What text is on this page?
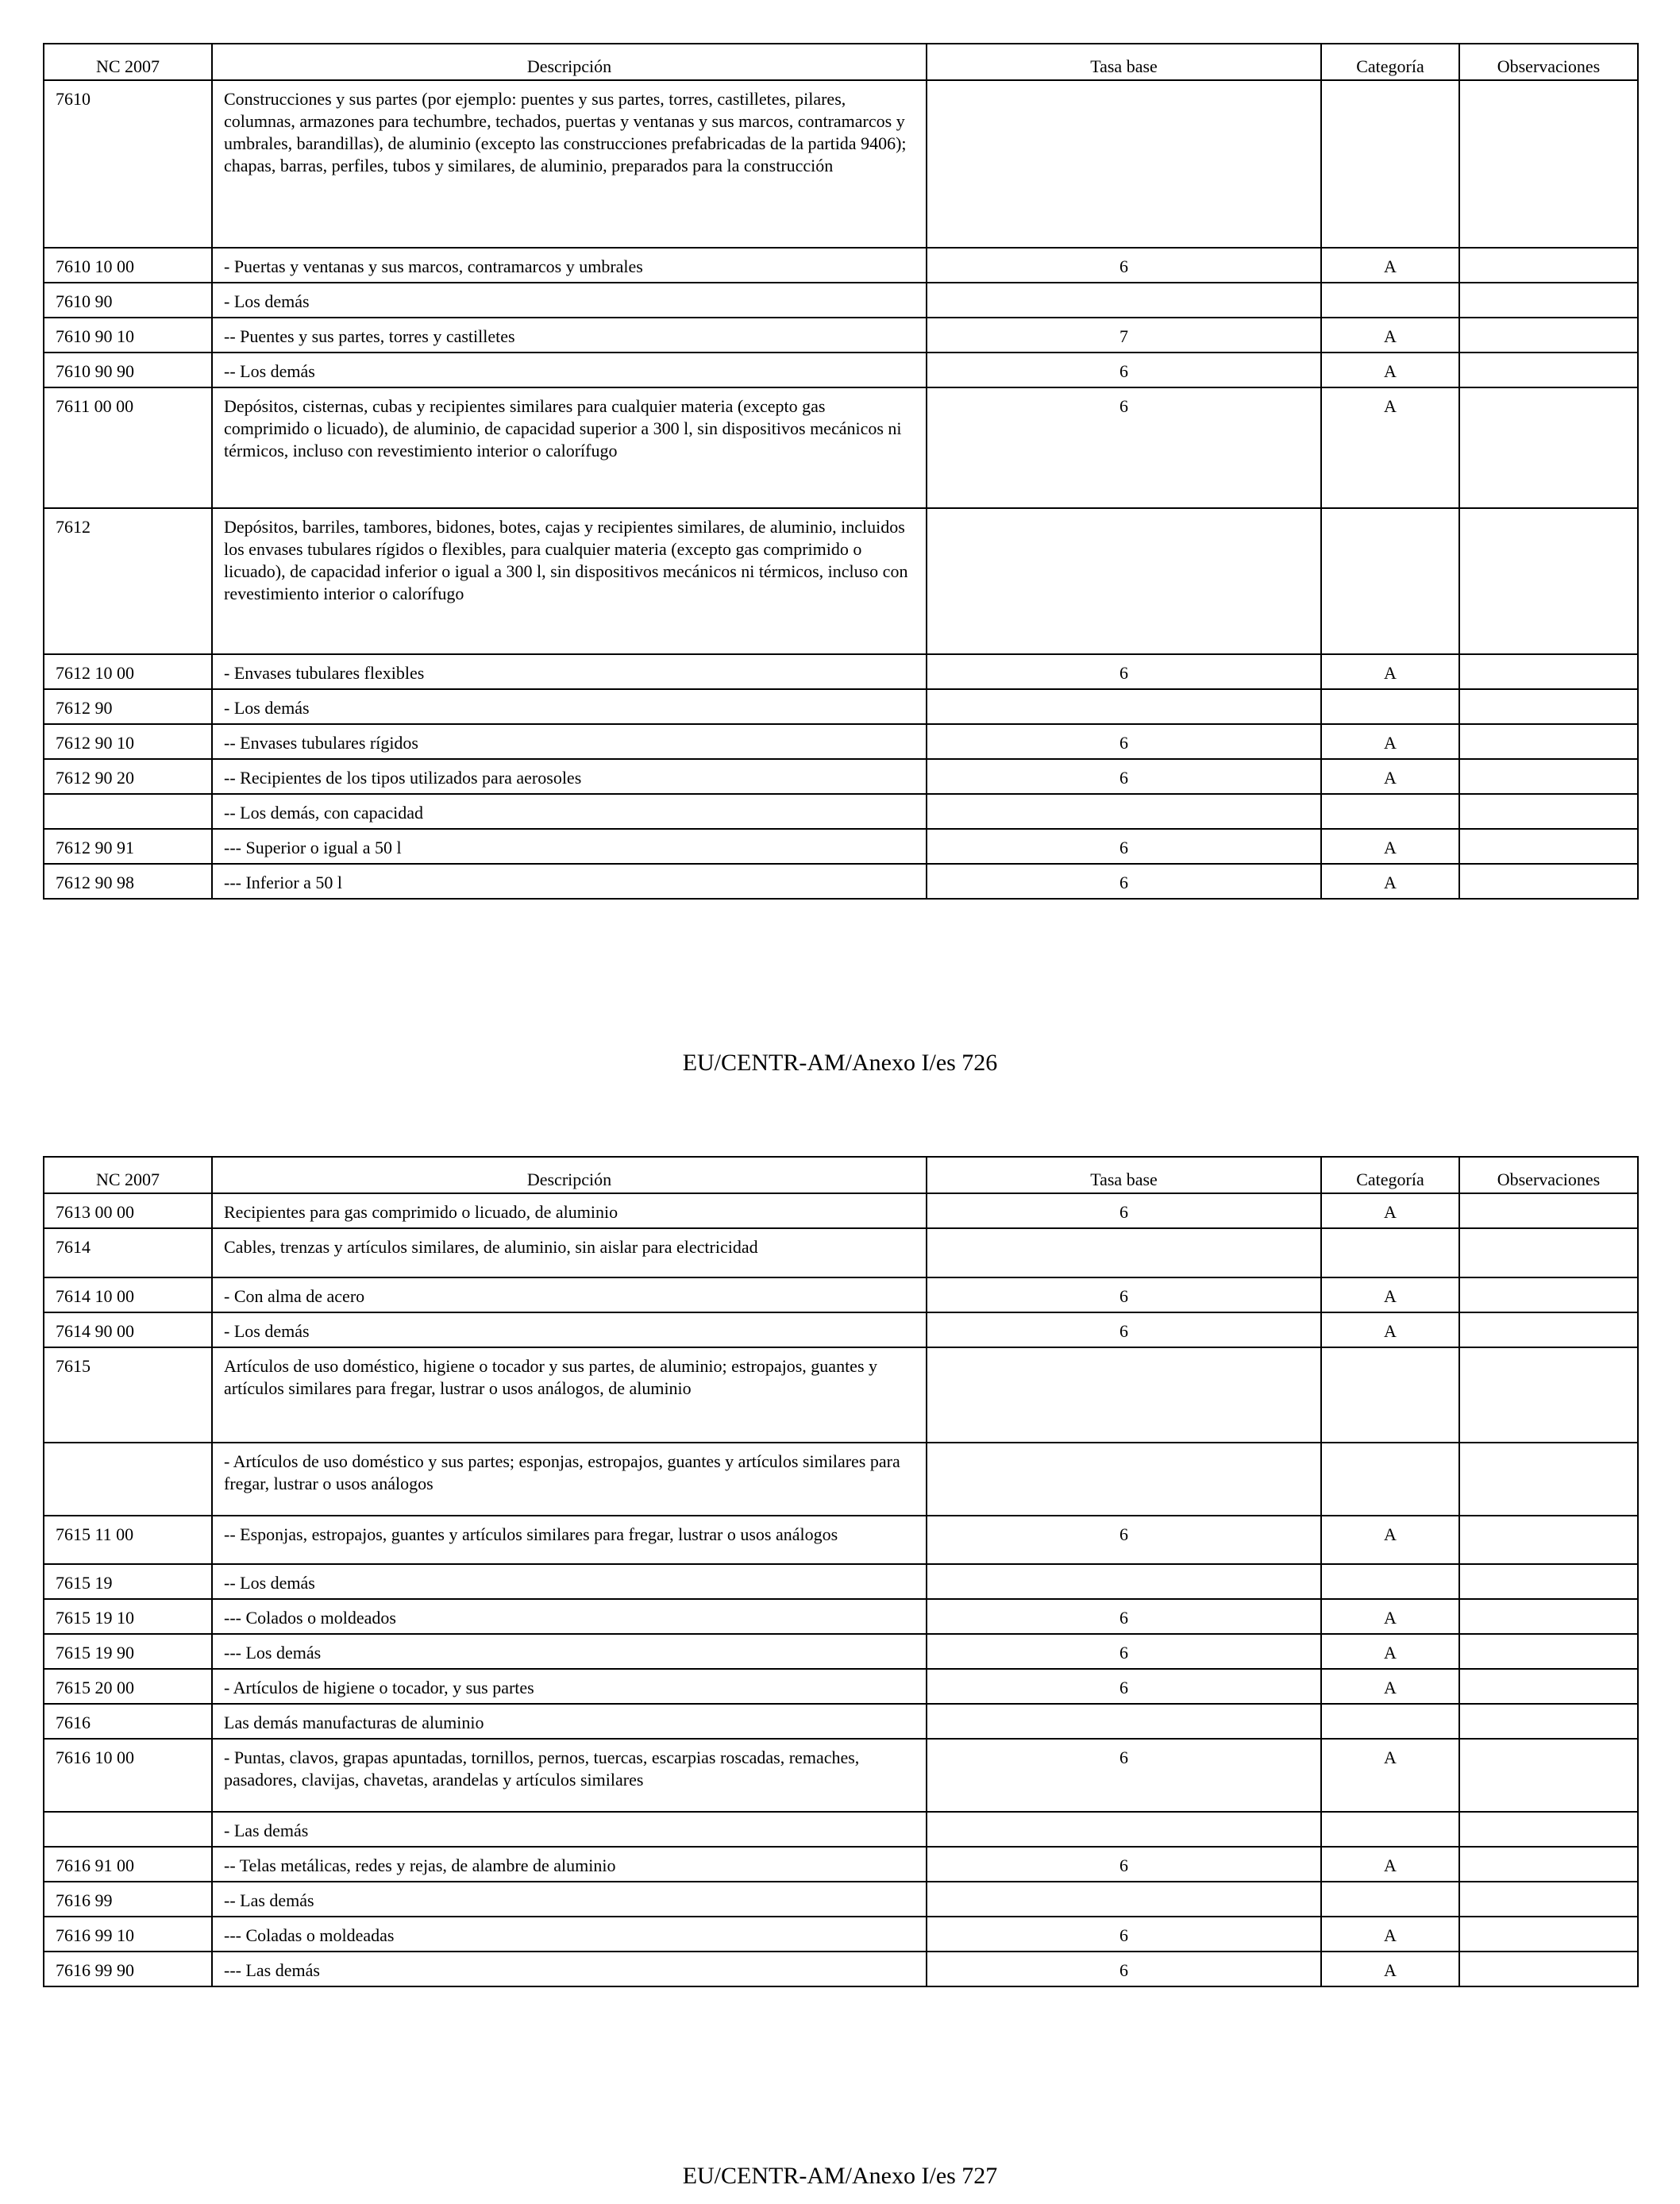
NC 2007	Descripción	Tasa base	Categoría	Observaciones
7610	Construcciones y sus partes (por ejemplo: puentes y sus partes, torres, castilletes, pilares, columnas, armazones para techumbre, techados, puertas y ventanas y sus marcos, contramarcos y umbrales, barandillas), de aluminio (excepto las construcciones prefabricadas de la partida 9406); chapas, barras, perfiles, tubos y similares, de aluminio, preparados para la construcción			
7610 10 00	- Puertas y ventanas y sus marcos, contramarcos y umbrales	6	A	
7610 90	- Los demás			
7610 90 10	-- Puentes y sus partes, torres y castilletes	7	A	
7610 90 90	-- Los demás	6	A	
7611 00 00	Depósitos, cisternas, cubas y recipientes similares para cualquier materia (excepto gas comprimido o licuado), de aluminio, de capacidad superior a 300 l, sin dispositivos mecánicos ni térmicos, incluso con revestimiento interior o calorífugo	6	A	
7612	Depósitos, barriles, tambores, bidones, botes, cajas y recipientes similares, de aluminio, incluidos los envases tubulares rígidos o flexibles, para cualquier materia (excepto gas comprimido o licuado), de capacidad inferior o igual a 300 l, sin dispositivos mecánicos ni térmicos, incluso con revestimiento interior o calorífugo			
7612 10 00	- Envases tubulares flexibles	6	A	
7612 90	- Los demás			
7612 90 10	-- Envases tubulares rígidos	6	A	
7612 90 20	-- Recipientes de los tipos utilizados para aerosoles	6	A	
	-- Los demás, con capacidad			
7612 90 91	--- Superior o igual a 50 l	6	A	
7612 90 98	--- Inferior a 50 l	6	A	
EU/CENTR-AM/Anexo I/es 726
NC 2007	Descripción	Tasa base	Categoría	Observaciones
7613 00 00	Recipientes para gas comprimido o licuado, de aluminio	6	A	
7614	Cables, trenzas y artículos similares, de aluminio, sin aislar para electricidad			
7614 10 00	- Con alma de acero	6	A	
7614 90 00	- Los demás	6	A	
7615	Artículos de uso doméstico, higiene o tocador y sus partes, de aluminio; estropajos, guantes y artículos similares para fregar, lustrar o usos análogos, de aluminio			
	- Artículos de uso doméstico y sus partes; esponjas, estropajos, guantes y artículos similares para fregar, lustrar o usos análogos			
7615 11 00	-- Esponjas, estropajos, guantes y artículos similares para fregar, lustrar o usos análogos	6	A	
7615 19	-- Los demás			
7615 19 10	--- Colados o moldeados	6	A	
7615 19 90	--- Los demás	6	A	
7615 20 00	- Artículos de higiene o tocador, y sus partes	6	A	
7616	Las demás manufacturas de aluminio			
7616 10 00	- Puntas, clavos, grapas apuntadas, tornillos, pernos, tuercas, escarpias roscadas, remaches, pasadores, clavijas, chavetas, arandelas y artículos similares	6	A	
	- Las demás			
7616 91 00	-- Telas metálicas, redes y rejas, de alambre de aluminio	6	A	
7616 99	-- Las demás			
7616 99 10	--- Coladas o moldeadas	6	A	
7616 99 90	--- Las demás	6	A	
EU/CENTR-AM/Anexo I/es 727
